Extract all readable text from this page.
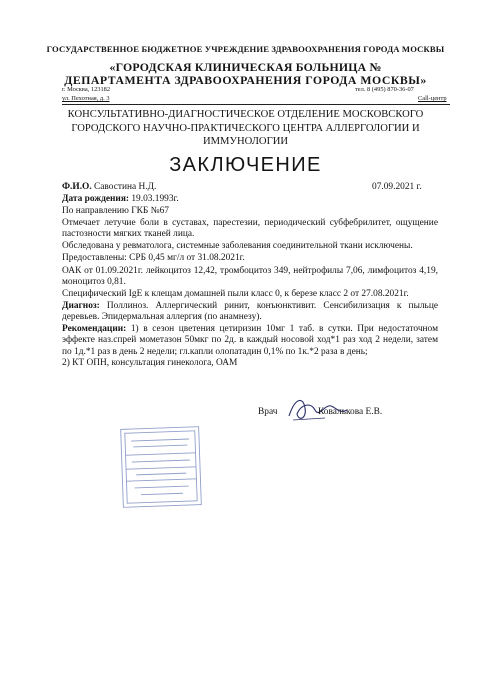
ГОСУДАРСТВЕННОЕ БЮДЖЕТНОЕ УЧРЕЖДЕНИЕ ЗДРАВООХРАНЕНИЯ ГОРОДА МОСКВЫ
«ГОРОДСКАЯ КЛИНИЧЕСКАЯ БОЛЬНИЦА №
ДЕПАРТАМЕНТА ЗДРАВООХРАНЕНИЯ ГОРОДА МОСКВЫ»
г. Москва, 123182
ул. Пехотная, д. 3
тел. 8 (495) 870-36-07
Call-центр
КОНСУЛЬТАТИВНО-ДИАГНОСТИЧЕСКОЕ ОТДЕЛЕНИЕ МОСКОВСКОГО
ГОРОДСКОГО НАУЧНО-ПРАКТИЧЕСКОГО ЦЕНТРА АЛЛЕРГОЛОГИИ И
ИММУНОЛОГИИ
ЗАКЛЮЧЕНИЕ
Ф.И.О. Савостина Н.Д.	07.09.2021 г.
Дата рождения: 19.03.1993г.
По направлению ГКБ №67
Отмечает летучие боли в суставах, парестезии, периодический субфебрилитет, ощущение пастозности мягких тканей лица.
Обследована у ревматолога, системные заболевания соединительной ткани исключены.
Предоставлены: СРБ 0,45 мг/л от 31.08.2021г.
ОАК от 01.09.2021г. лейкоцитоз 12,42, тромбоцитоз 349, нейтрофилы 7,06, лимфоцитоз 4,19, моноцитоз 0,81.
Специфический IgE к клещам домашней пыли класс 0, к березе класс 2 от 27.08.2021г.
Диагноз: Поллиноз. Аллергический ринит, конъюнктивит. Сенсибилизация к пыльце деревьев. Эпидермальная аллергия (по анамнезу).
Рекомендации: 1) в сезон цветения цетиризин 10мг 1 таб. в сутки. При недостаточном эффекте наз.спрей мометазон 50мкг по 2д. в каждый носовой ход*1 раз ход 2 недели, затем по 1д.*1 раз в день 2 недели; гл.капли олопатадин 0,1% по 1к.*2 раза в день;
2) КТ ОПН, консультация гинеколога, ОАМ
Врач	Ковалькова Е.В.
